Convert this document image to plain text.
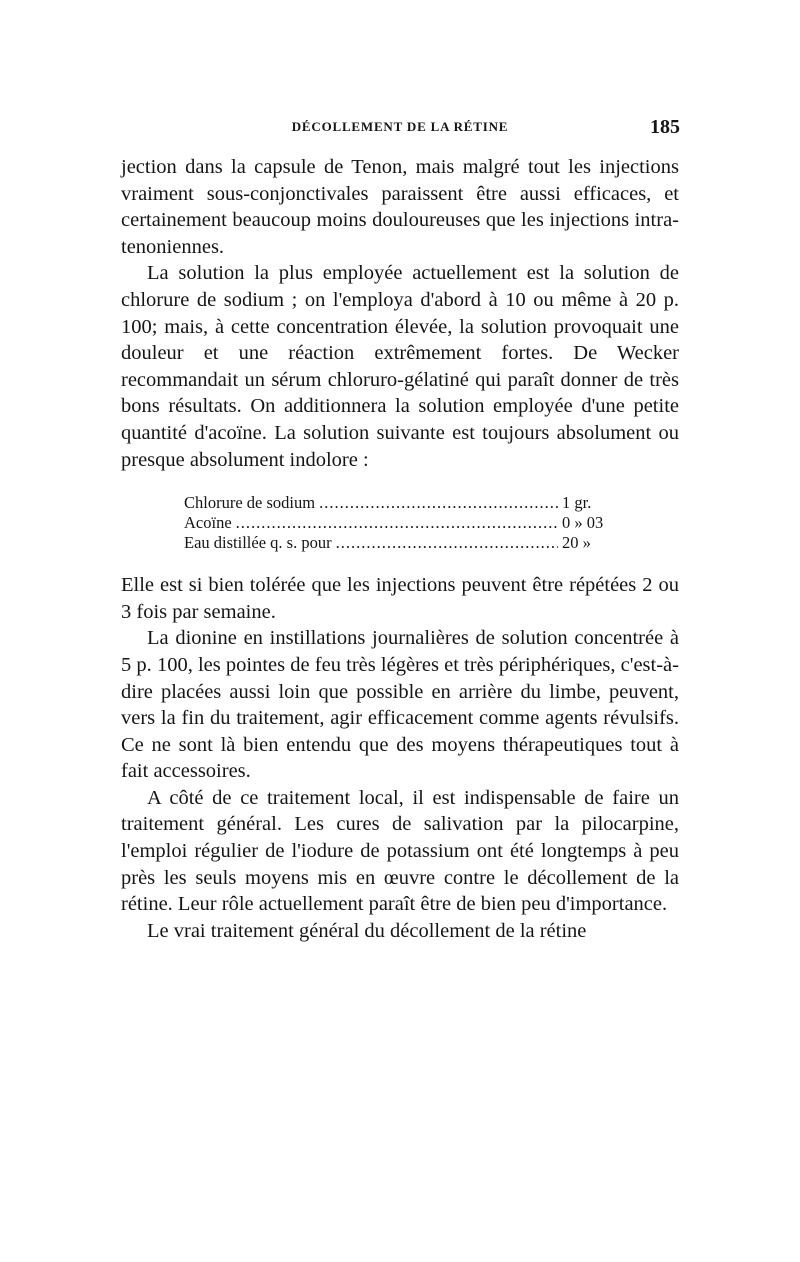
DÉCOLLEMENT DE LA RÉTINE	185

jection dans la capsule de Tenon, mais malgré tout les injections vraiment sous-conjonctivales paraissent être aussi efficaces, et certainement beaucoup moins douloureuses que les injections intra-tenoniennes.

La solution la plus employée actuellement est la solution de chlorure de sodium ; on l'employa d'abord à 10 ou même à 20 p. 100; mais, à cette concentration élevée, la solution provoquait une douleur et une réaction extrêmement fortes. De Wecker recommandait un sérum chloruro-gélatiné qui paraît donner de très bons résultats. On additionnera la solution employée d'une petite quantité d'acoïne. La solution suivante est toujours absolument ou presque absolument indolore :

Chlorure de sodium .....	1 gr.
Acoïne .....	0 » 03
Eau distillée q. s. pour .....	20 »

Elle est si bien tolérée que les injections peuvent être répétées 2 ou 3 fois par semaine.

La dionine en instillations journalières de solution concentrée à 5 p. 100, les pointes de feu très légères et très périphériques, c'est-à-dire placées aussi loin que possible en arrière du limbe, peuvent, vers la fin du traitement, agir efficacement comme agents révulsifs. Ce ne sont là bien entendu que des moyens thérapeutiques tout à fait accessoires.

A côté de ce traitement local, il est indispensable de faire un traitement général. Les cures de salivation par la pilocarpine, l'emploi régulier de l'iodure de potassium ont été longtemps à peu près les seuls moyens mis en œuvre contre le décollement de la rétine. Leur rôle actuellement paraît être de bien peu d'importance.

Le vrai traitement général du décollement de la rétine
